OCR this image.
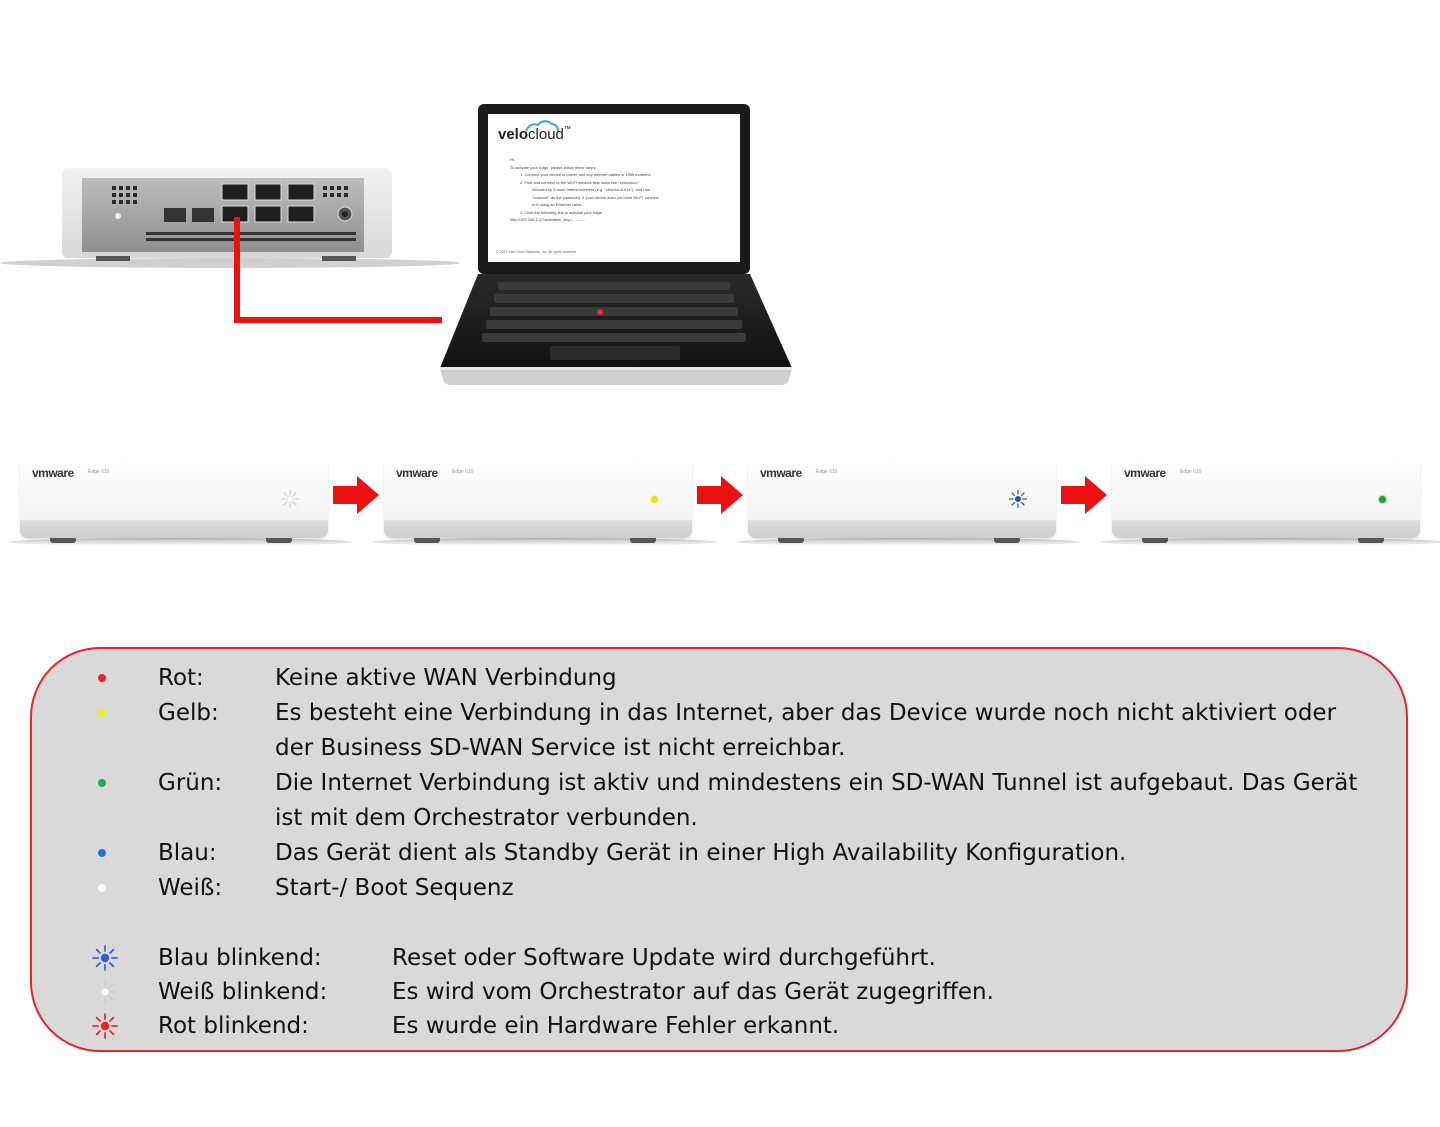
velocloud™
Hi,
To activate your Edge, please follow these steps:
1. Connect your device to power and any Internet cables or USB modems.
2. Find and connect to the Wi-Fi network that looks like "velocloud-"
followed by 3 more letters/numbers (e.g. "velocloud-01c"), and use
"vcsecret" as the password. If your device does not have Wi-Fi, connect
to it using an Ethernet cable.
3. Click the following link to activate your edge:
http://192.168.2.1/?activation_key=............
© 2021 VeloCloud Networks, Inc. All rights reserved.
vmware	Edge 610	vmware	Edge 610	vmware	Edge 610	vmware	Edge 610
Rot:	Keine aktive WAN Verbindung
Gelb: Es besteht eine Verbindung in das Internet, aber das Device wurde noch nicht aktiviert oder
der Business SD-WAN Service ist nicht erreichbar.
Grün: Die Internet Verbindung ist aktiv und mindestens ein SD-WAN Tunnel ist aufgebaut. Das Gerät
ist mit dem Orchestrator verbunden.
Blau:	Das Gerät dient als Standby Gerät in einer High Availability Konfiguration.
Weiß: Start-/ Boot Sequenz
Blau blinkend:	Reset oder Software Update wird durchgeführt.
Weiß blinkend:	Es wird vom Orchestrator auf das Gerät zugegriffen.
Rot blinkend:	Es wurde ein Hardware Fehler erkannt.
